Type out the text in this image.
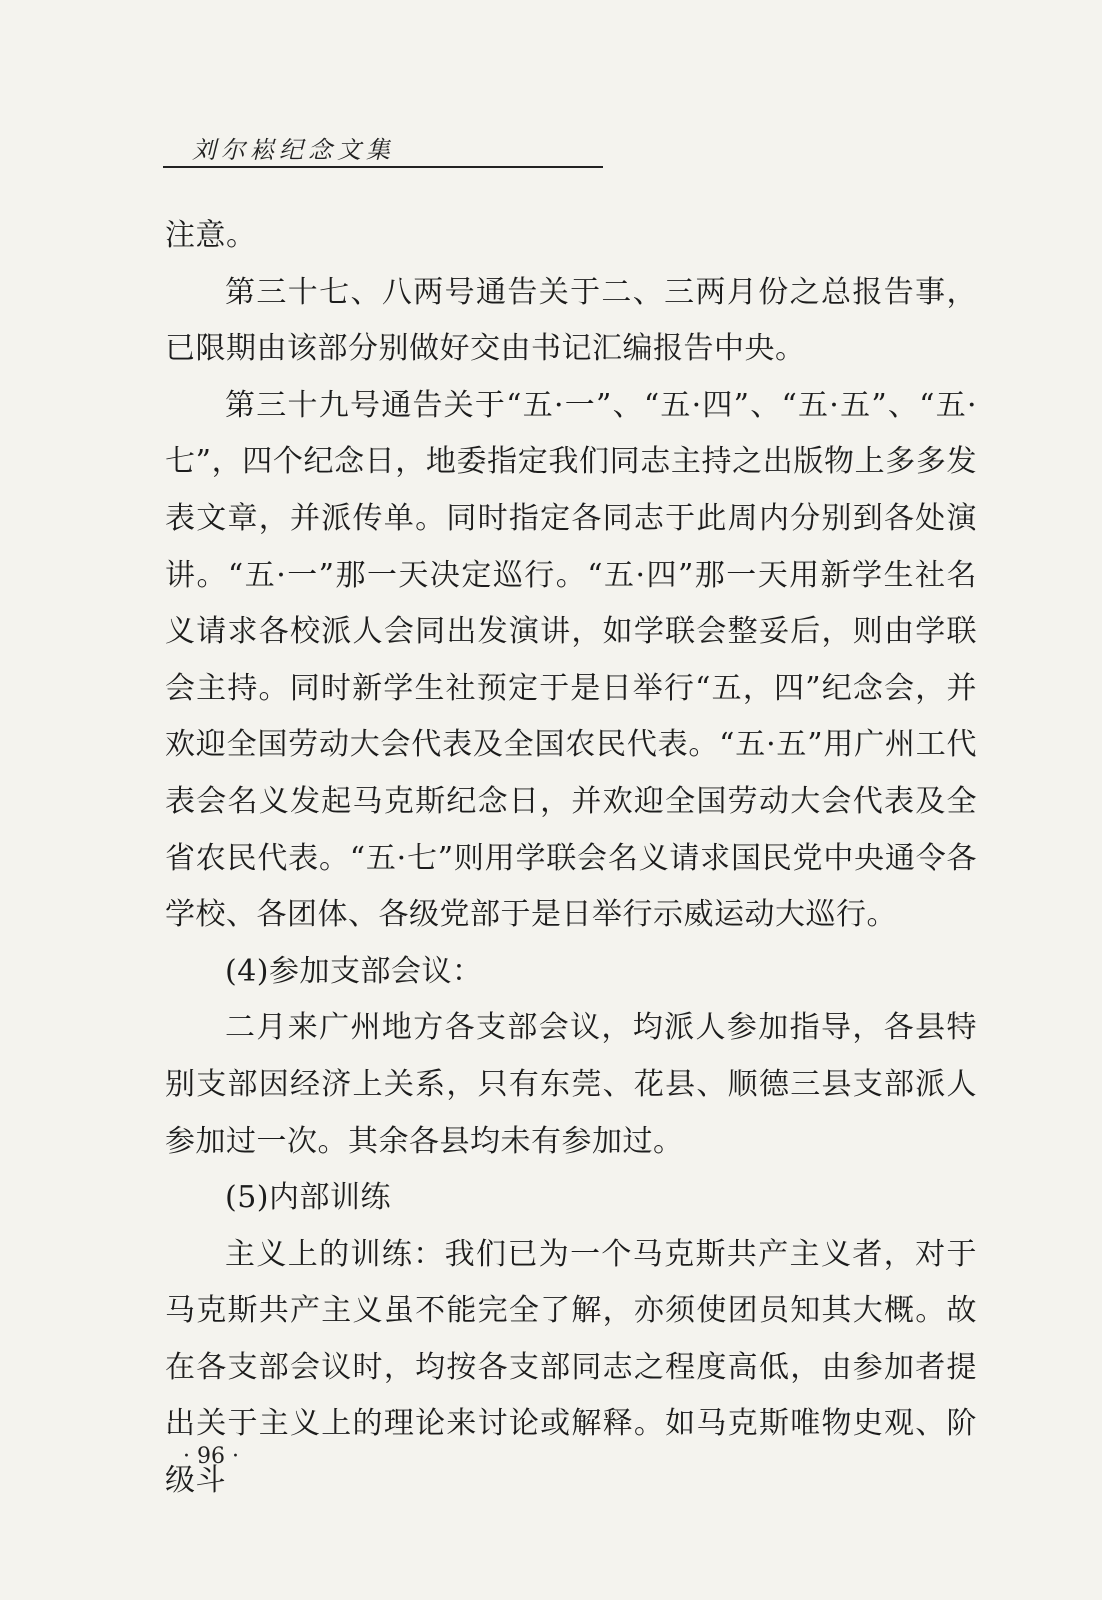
刘尔崧纪念文集

注意。

第三十七、八两号通告关于二、三两月份之总报告事，已限期由该部分别做好交由书记汇编报告中央。

第三十九号通告关于“五·一”、“五·四”、“五·五”、“五·七”，四个纪念日，地委指定我们同志主持之出版物上多多发表文章，并派传单。同时指定各同志于此周内分别到各处演讲。“五·一”那一天决定巡行。“五·四”那一天用新学生社名义请求各校派人会同出发演讲，如学联会整妥后，则由学联会主持。同时新学生社预定于是日举行“五，四”纪念会，并欢迎全国劳动大会代表及全国农民代表。“五·五”用广州工代表会名义发起马克斯纪念日，并欢迎全国劳动大会代表及全省农民代表。“五·七”则用学联会名义请求国民党中央通令各学校、各团体、各级党部于是日举行示威运动大巡行。

(4)参加支部会议：

二月来广州地方各支部会议，均派人参加指导，各县特别支部因经济上关系，只有东莞、花县、顺德三县支部派人参加过一次。其余各县均未有参加过。

(5)内部训练

主义上的训练：我们已为一个马克斯共产主义者，对于马克斯共产主义虽不能完全了解，亦须使团员知其大概。故在各支部会议时，均按各支部同志之程度高低，由参加者提出关于主义上的理论来讨论或解释。如马克斯唯物史观、阶级斗

· 96 ·
